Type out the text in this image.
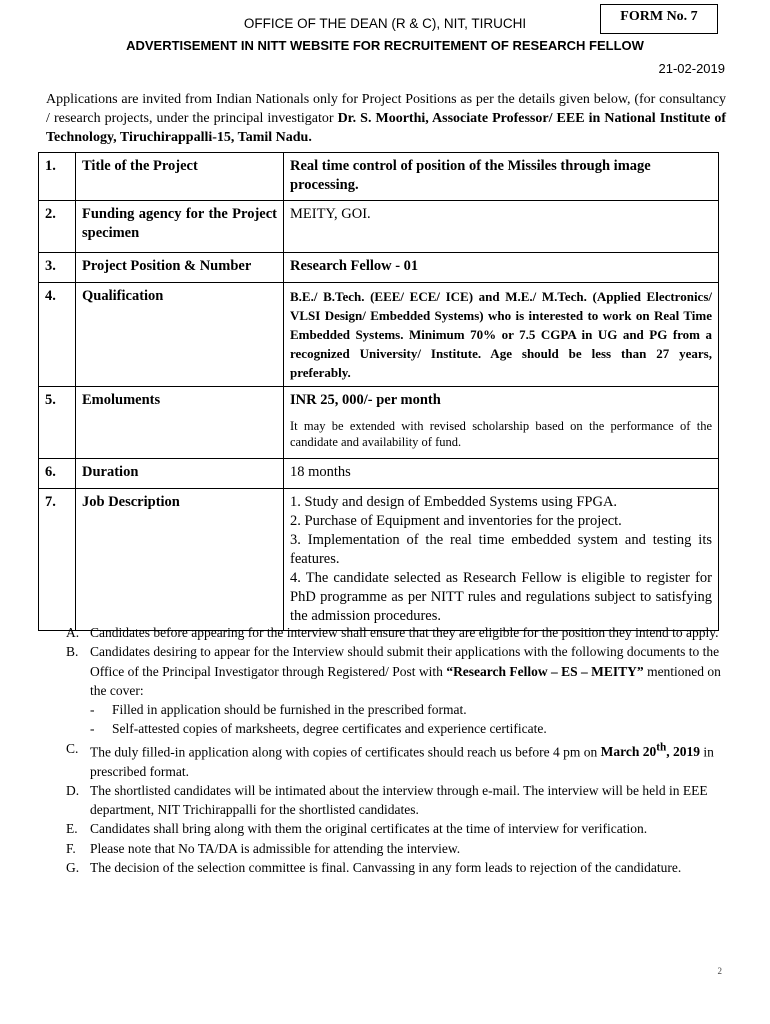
FORM No. 7
OFFICE OF THE DEAN (R & C), NIT, TIRUCHI
ADVERTISEMENT IN NITT WEBSITE FOR RECRUITEMENT OF RESEARCH FELLOW
21-02-2019
Applications are invited from Indian Nationals only for Project Positions as per the details given below, (for consultancy / research projects, under the principal investigator Dr. S. Moorthi, Associate Professor/ EEE in National Institute of Technology, Tiruchirappalli-15, Tamil Nadu.
1.	Title of the Project	Real time control of position of the Missiles through image processing.
2.	Funding agency for the Project specimen	MEITY, GOI.
3.	Project Position & Number	Research Fellow - 01
4.	Qualification	B.E./ B.Tech. (EEE/ ECE/ ICE) and M.E./ M.Tech. (Applied Electronics/ VLSI Design/ Embedded Systems) who is interested to work on Real Time Embedded Systems. Minimum 70% or 7.5 CGPA in UG and PG from a recognized University/ Institute. Age should be less than 27 years, preferably.
5.	Emoluments	INR 25, 000/- per month
It may be extended with revised scholarship based on the performance of the candidate and availability of fund.

6.	Duration	18 months
7.	Job Description	1. Study and design of Embedded Systems using FPGA.
2. Purchase of Equipment and inventories for the project.
3. Implementation of the real time embedded system and testing its features.
4. The candidate selected as Research Fellow is eligible to register for PhD programme as per NITT rules and regulations subject to satisfying the admission procedures.
A. Candidates before appearing for the interview shall ensure that they are eligible for the position they intend to apply.
B. Candidates desiring to appear for the Interview should submit their applications with the following documents to the Office of the Principal Investigator through Registered/ Post with “Research Fellow – ES – MEITY” mentioned on the cover:
-	Filled in application should be furnished in the prescribed format.
-	Self-attested copies of marksheets, degree certificates and experience certificate.
C. The duly filled-in application along with copies of certificates should reach us before 4 pm on March 20th, 2019 in prescribed format.
D. The shortlisted candidates will be intimated about the interview through e-mail. The interview will be held in EEE department, NIT Trichirappalli for the shortlisted candidates.
E. Candidates shall bring along with them the original certificates at the time of interview for verification.
F.	Please note that No TA/DA is admissible for attending the interview.
G. The decision of the selection committee is final. Canvassing in any form leads to rejection of the candidature.
2
